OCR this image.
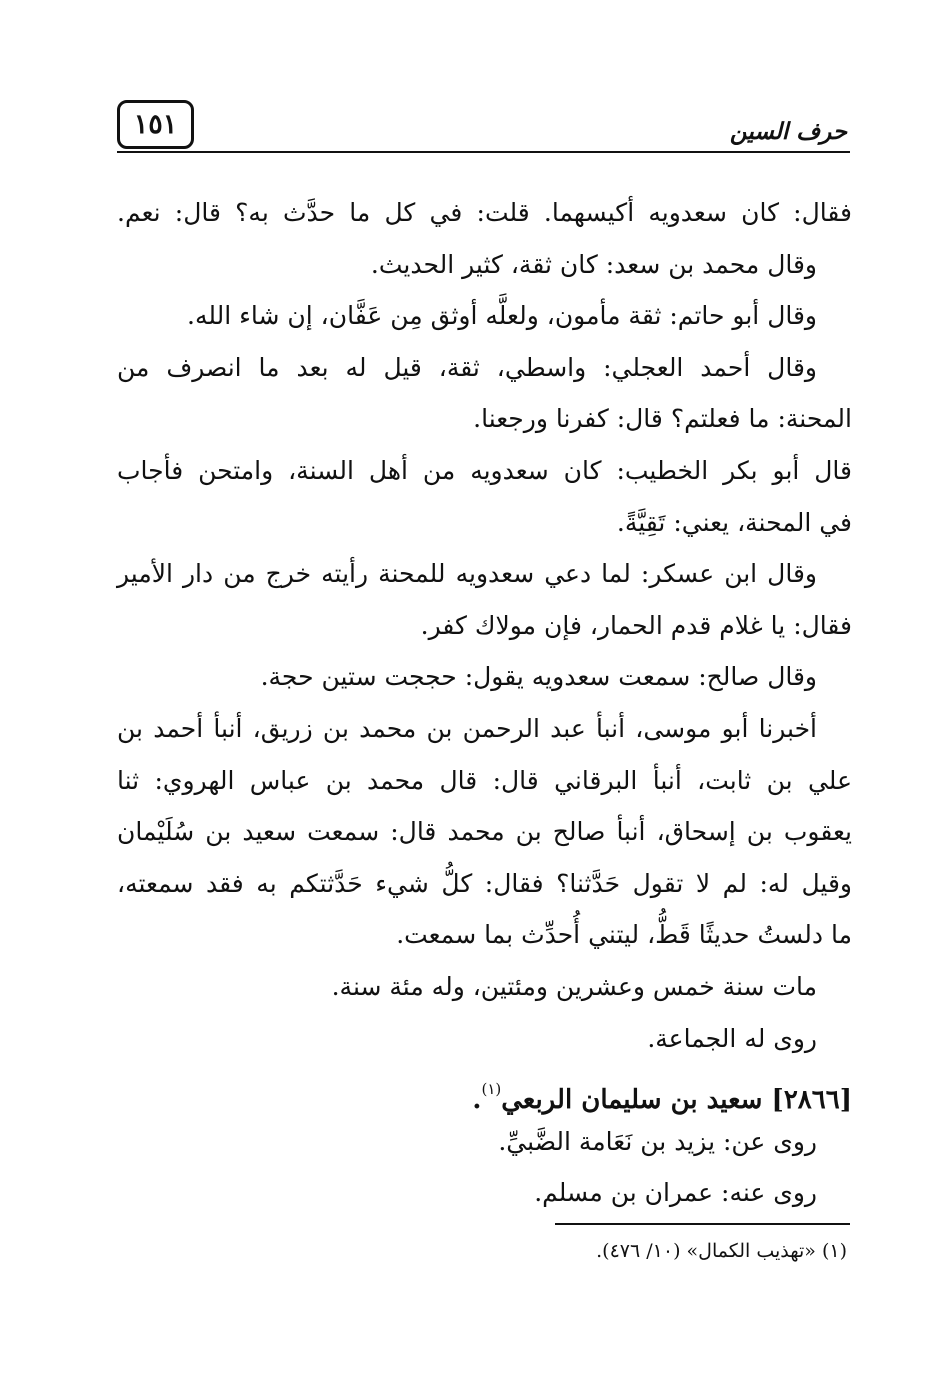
١٥١	حرف السين
فقال: كان سعدويه أكيسهما. قلت: في كل ما حدَّث به؟ قال: نعم.
وقال محمد بن سعد: كان ثقة، كثير الحديث.
وقال أبو حاتم: ثقة مأمون، ولعلَّه أوثق مِن عَفَّان، إن شاء الله.
وقال أحمد العجلي: واسطي، ثقة، قيل له بعد ما انصرف من
المحنة: ما فعلتم؟ قال: كفرنا ورجعنا.
قال أبو بكر الخطيب: كان سعدويه من أهل السنة، وامتحن فأجاب
في المحنة، يعني: تَقِيَّةً.
وقال ابن عسكر: لما دعي سعدويه للمحنة رأيته خرج من دار الأمير
فقال: يا غلام قدم الحمار، فإن مولاك كفر.
وقال صالح: سمعت سعدويه يقول: حججت ستين حجة.
أخبرنا أبو موسى، أنبأ عبد الرحمن بن محمد بن زريق، أنبأ أحمد بن
علي بن ثابت، أنبأ البرقاني قال: قال محمد بن عباس الهروي: ثنا
يعقوب بن إسحاق، أنبأ صالح بن محمد قال: سمعت سعيد بن سُلَيْمان
وقيل له: لم لا تقول حَدَّثنا؟ فقال: كلُّ شيء حَدَّثتكم به فقد سمعته،
ما دلستُ حديثًا قَطُّ، ليتني أُحدِّث بما سمعت.
مات سنة خمس وعشرين ومئتين، وله مئة سنة.
روى له الجماعة.
[٢٨٦٦] سعيد بن سليمان الربعي$^{(١)}$.
روى عن: يزيد بن نَعَامة الضَّبيِّ.
روى عنه: عمران بن مسلم.
(١) «تهذيب الكمال» (١٠/ ٤٧٦).
